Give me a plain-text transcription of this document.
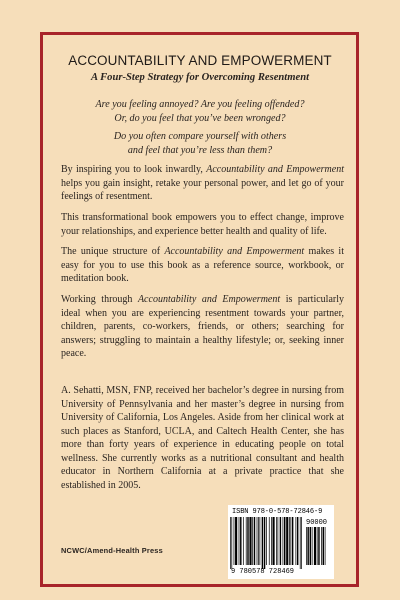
ACCOUNTABILITY AND EMPOWERMENT
A Four-Step Strategy for Overcoming Resentment
Are you feeling annoyed? Are you feeling offended?
Or, do you feel that you’ve been wronged?
Do you often compare yourself with others
and feel that you’re less than them?
By inspiring you to look inwardly, Accountability and Empowerment helps you gain insight, retake your personal power, and let go of your feelings of resentment.
This transformational book empowers you to effect change, improve your relationships, and experience better health and quality of life.
The unique structure of Accountability and Empowerment makes it easy for you to use this book as a reference source, workbook, or meditation book.
Working through Accountability and Empowerment is particularly ideal when you are experiencing resentment towards your partner, children, parents, co-workers, friends, or others; searching for answers; struggling to maintain a healthy lifestyle; or, seeking inner peace.
A. Sehatti, MSN, FNP, received her bachelor’s degree in nursing from University of Pennsylvania and her master’s degree in nursing from University of California, Los Angeles. Aside from her clinical work at such places as Stanford, UCLA, and Caltech Health Center, she has more than forty years of experience in educating people on total wellness. She currently works as a nutritional consultant and health educator in Northern California at a private practice that she established in 2005.
ISBN 978-0-578-72846-9
90000
9 780578 728469
NCWC/Amend-Health Press
